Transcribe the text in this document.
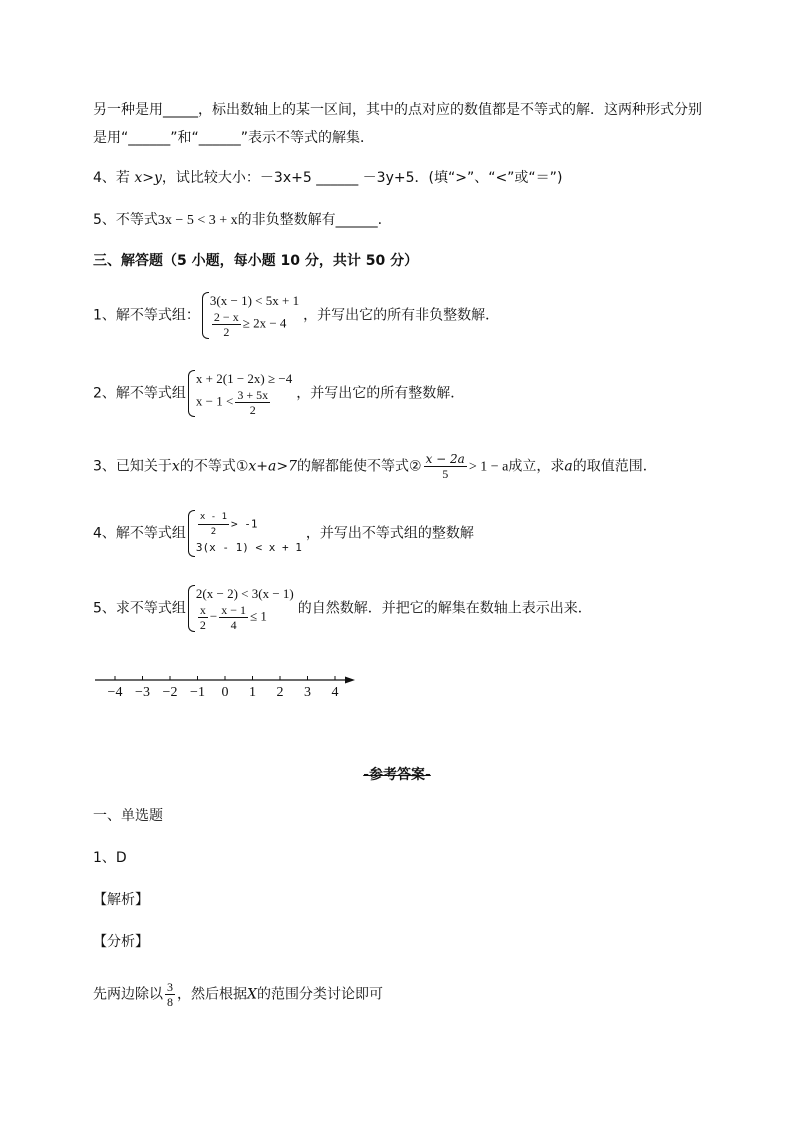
另一种是用_____，标出数轴上的某一区间，其中的点对应的数值都是不等式的解．这两种形式分别
是用“______”和“______”表示不等式的解集．
4、若 x>y，试比较大小：－3x+5 ______ －3y+5．(填“>”、“<”或“＝”)
5、不等式3x − 5 < 3 + x的非负整数解有______.
三、解答题（5 小题，每小题 10 分，共计 50 分）
1、解不等式组：
3(x − 1) < 5x + 1
$\frac{2 - x}{2} \ge 2x - 4$	，并写出它的所有非负整数解．
2、解不等式组
x + 2(1 − 2x) ≥ −4
$x - 1 < \frac{3 + 5x}{2}$ ，并写出它的所有整数解．
3、已知关于x的不等式①x+a>7的解都能使不等式② $\frac{x - 2a}{5} > 1 - a$成立，求a的取值范围．
4、解不等式组 $\frac{x - 1}{2} > -1$
3(x - 1) < x + 1
，并写出不等式组的整数解
5、求不等式组
2(x − 2) < 3(x − 1)
$\frac{x}{2} - \frac{x - 1}{4} \le 1$	的自然数解．并把它的解集在数轴上表示出来．
−4 −3 −2 −1 0 1 2 3 4
-参考答案-
一、单选题
1、D
【解析】
【分析】
先两边除以 $\frac{3}{8}$ ，然后根据X的范围分类讨论即可
